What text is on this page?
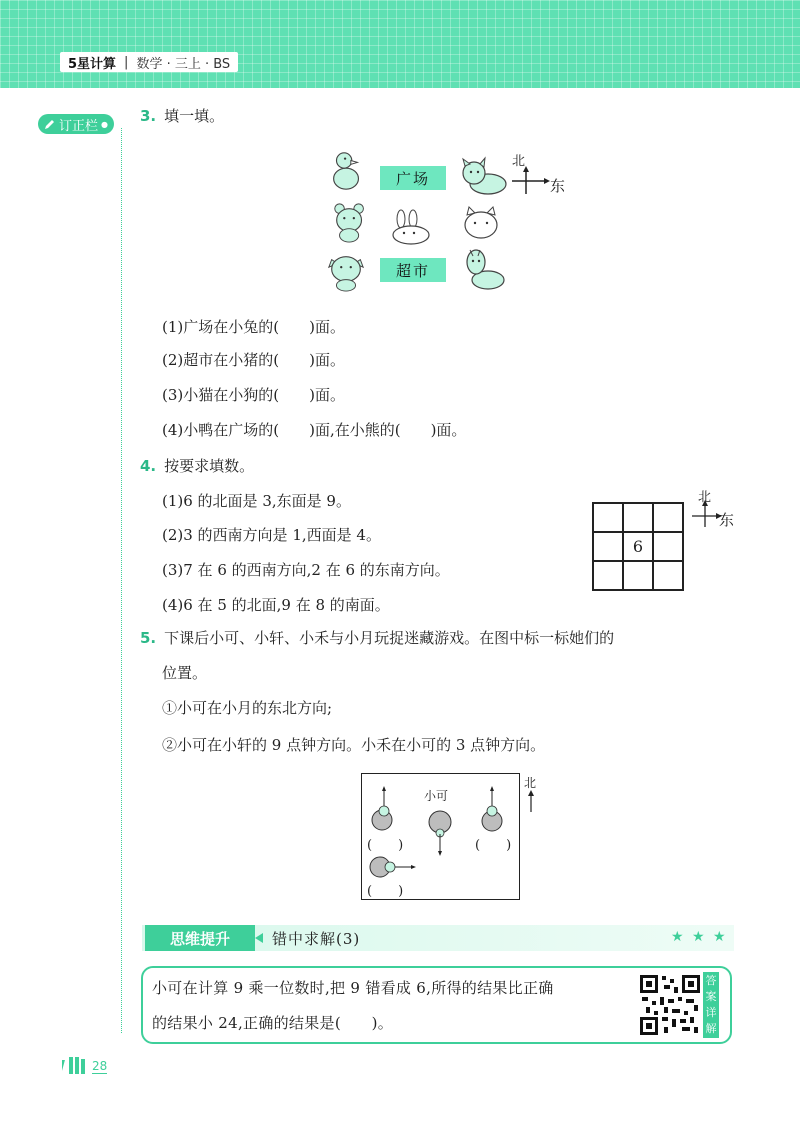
5星计算 | 数学 · 三上 · BS
订正栏 ● 3. 填一填。
广场
北
东
超市
(1)广场在小兔的(　　)面。
(2)超市在小猪的(　　)面。
(3)小猫在小狗的(　　)面。
(4)小鸭在广场的(　　)面,在小熊的(　　)面。
4. 按要求填数。
(1)6 的北面是 3,东面是 9。
(2)3 的西南方向是 1,西面是 4。
(3)7 在 6 的西南方向,2 在 6 的东南方向。
(4)6 在 5 的北面,9 在 8 的南面。
6
北
东
5. 下课后小可、小轩、小禾与小月玩捉迷藏游戏。在图中标一标她们的
位置。
①小可在小月的东北方向;
②小可在小轩的 9 点钟方向。小禾在小可的 3 点钟方向。
小可
(　　)	(　　)
(　　)
北
思维提升	错中求解(3)	★ ★ ★
小可在计算 9 乘一位数时,把 9 错看成 6,所得的结果比正确
的结果小 24,正确的结果是(　　)。
答
案
详
解
28
